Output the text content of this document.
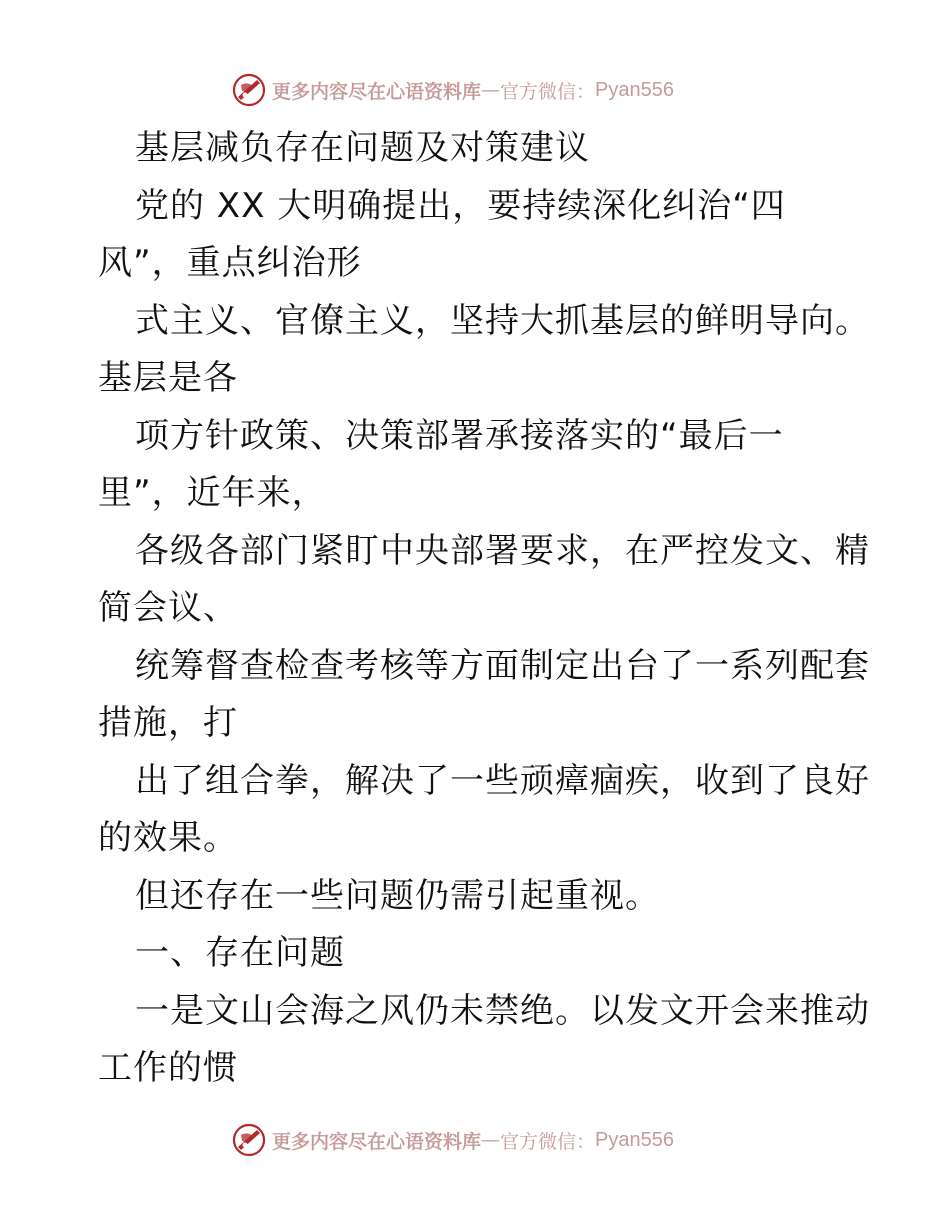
更多内容尽在心语资料库 — 官方微信： Pyan556
基层减负存在问题及对策建议
党的 XX 大明确提出，要持续深化纠治“四
风”，重点纠治形
式主义、官僚主义，坚持大抓基层的鲜明导向。
基层是各
项方针政策、决策部署承接落实的“最后一
里”，近年来，
各级各部门紧盯中央部署要求，在严控发文、精
简会议、
统筹督查检查考核等方面制定出台了一系列配套
措施，打
出了组合拳，解决了一些顽瘴痼疾，收到了良好
的效果。
但还存在一些问题仍需引起重视。
一、存在问题
一是文山会海之风仍未禁绝。以发文开会来推动
工作的惯
更多内容尽在心语资料库 — 官方微信： Pyan556
